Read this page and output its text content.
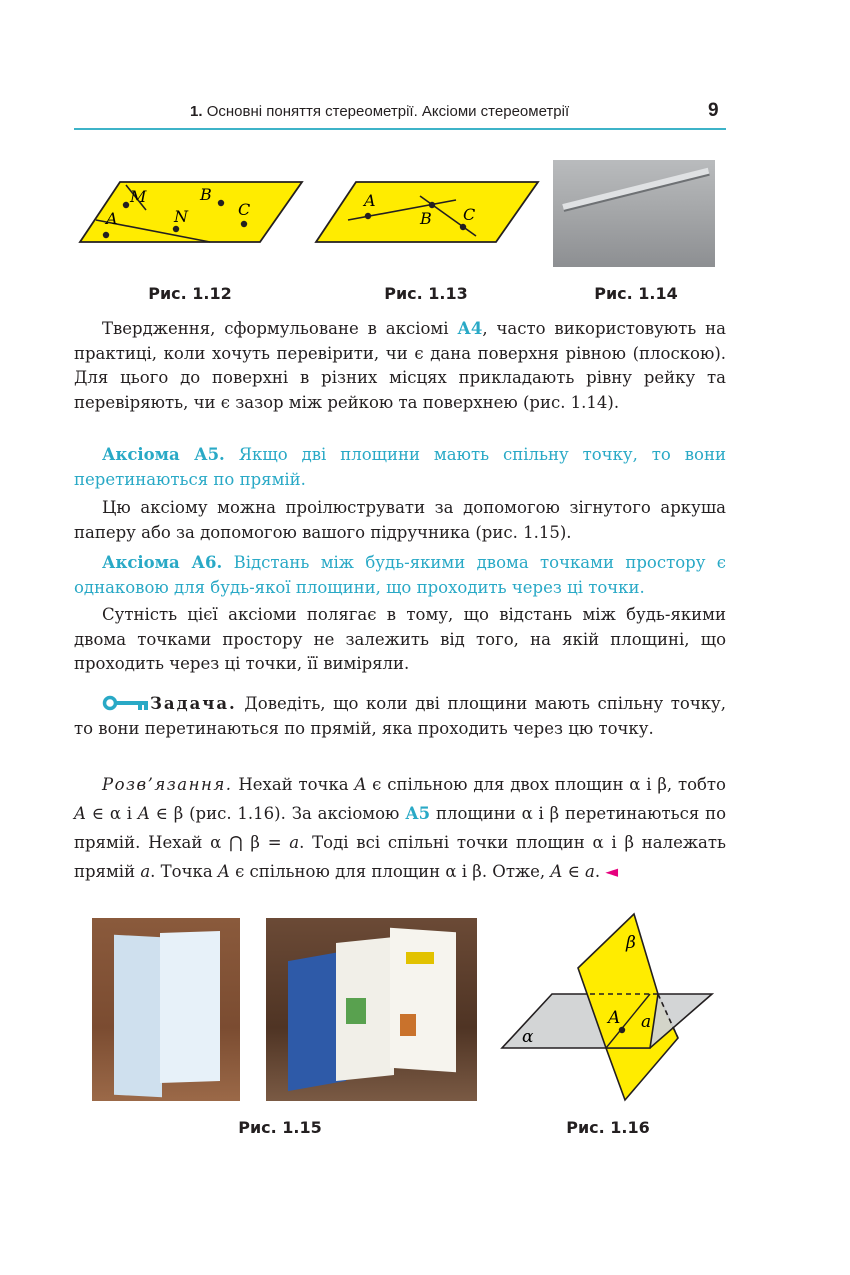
1. Основні поняття стереометрії. Аксіоми стереометрії	9
M
A	N
B
C	A
B C
Рис. 1.12	Рис. 1.13	Рис. 1.14
Твердження, сформульоване в аксіомі А4, часто використовують на практиці, коли хочуть перевірити, чи є дана поверхня рівною (плоскою). Для цього до поверхні в різних місцях прикладають рівну рейку та перевіряють, чи є зазор між рейкою та поверхнею (рис. 1.14).
Аксіома А5. Якщо дві площини мають спільну точку, то вони перетинаються по прямій.
Цю аксіому можна проілюструвати за допомогою зігнутого аркуша паперу або за допомогою вашого підручника (рис. 1.15).
Аксіома А6. Відстань між будь-якими двома точками простору є однаковою для будь-якої площини, що проходить через ці точки.
Сутність цієї аксіоми полягає в тому, що відстань між будь-якими двома точками простору не залежить від того, на якій площині, що проходить через ці точки, її виміряли.
Задача. Доведіть, що коли дві площини мають спільну точку, то вони перетинаються по прямій, яка проходить через цю точку.
Розв’язання. Нехай точка A є спільною для двох площин α і β, тобто A ∈ α і A ∈ β (рис. 1.16). За аксіомою А5 площини α і β перетинаються по прямій. Нехай α ⋂ β = a. Тоді всі спільні точки площин α і β належать прямій a. Точка A є спільною для площин α і β. Отже, A ∈ a. ◄
β
α
A a
Рис. 1.15	Рис. 1.16
